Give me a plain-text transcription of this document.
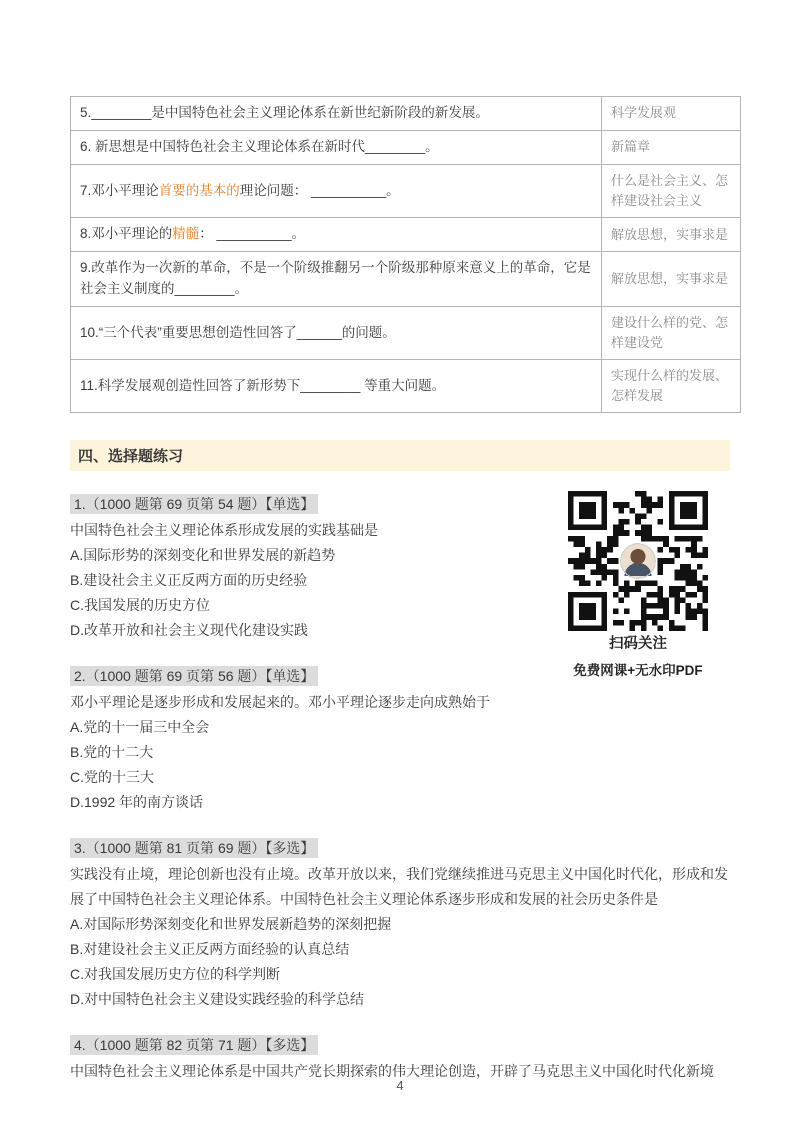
5.________是中国特色社会主义理论体系在新世纪新阶段的新发展。	科学发展观
6. 新思想是中国特色社会主义理论体系在新时代________。	新篇章
7.邓小平理论首要的基本的理论问题： __________。	什么是社会主义、怎样建设社会主义
8.邓小平理论的精髓： __________。	解放思想，实事求是
9.改革作为一次新的革命，不是一个阶级推翻另一个阶级那种原来意义上的革命，它是社会主义制度的________。	解放思想，实事求是
10.“三个代表”重要思想创造性回答了______的问题。	建设什么样的党、怎样建设党
11.科学发展观创造性回答了新形势下________ 等重大问题。	实现什么样的发展、怎样发展
四、选择题练习
1.（1000 题第 69 页第 54 题）【单选】
中国特色社会主义理论体系形成发展的实践基础是
A.国际形势的深刻变化和世界发展的新趋势
B.建设社会主义正反两方面的历史经验
C.我国发展的历史方位
D.改革开放和社会主义现代化建设实践
2.（1000 题第 69 页第 56 题）【单选】
邓小平理论是逐步形成和发展起来的。邓小平理论逐步走向成熟始于
A.党的十一届三中全会
B.党的十二大
C.党的十三大
D.1992 年的南方谈话
3.（1000 题第 81 页第 69 题）【多选】
实践没有止境，理论创新也没有止境。改革开放以来，我们党继续推进马克思主义中国化时代化，形成和发展了中国特色社会主义理论体系。中国特色社会主义理论体系逐步形成和发展的社会历史条件是
A.对国际形势深刻变化和世界发展新趋势的深刻把握
B.对建设社会主义正反两方面经验的认真总结
C.对我国发展历史方位的科学判断
D.对中国特色社会主义建设实践经验的科学总结
4.（1000 题第 82 页第 71 题）【多选】
中国特色社会主义理论体系是中国共产党长期探索的伟大理论创造，开辟了马克思主义中国化时代化新境
扫码关注
免费网课+无水印PDF
4
